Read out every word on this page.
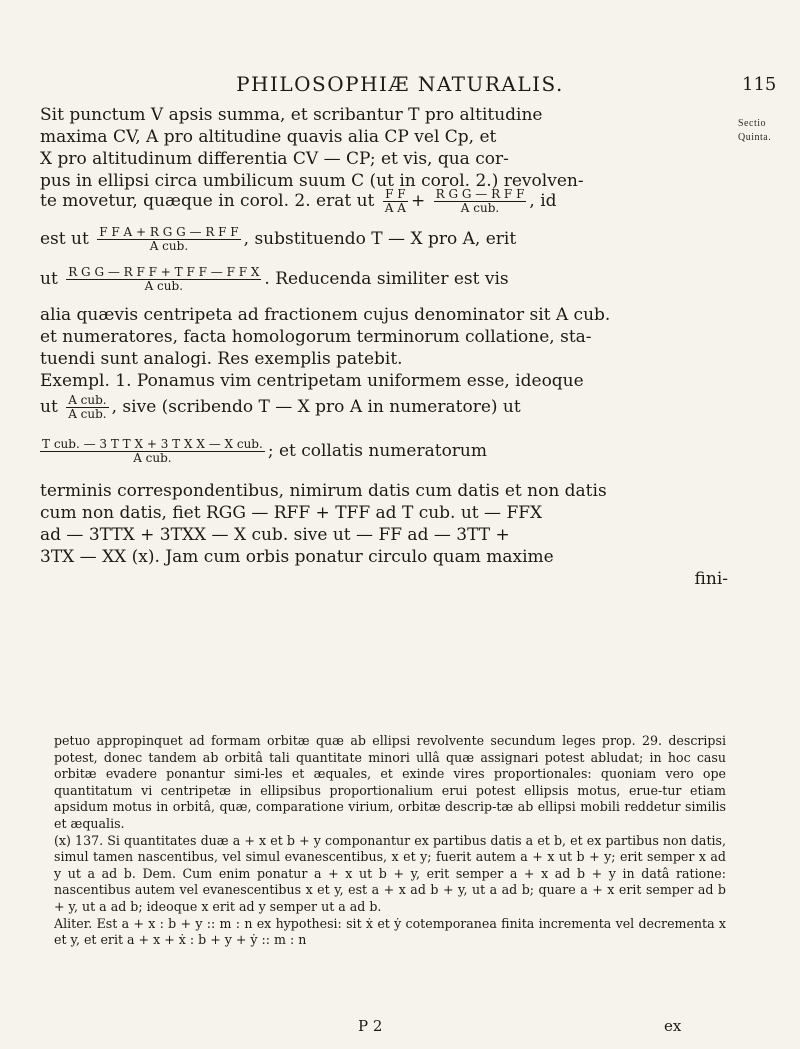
PHILOSOPHIÆ NATURALIS.	115
Sectio
Quinta.
Sit punctum V apsis summa, et scribantur T pro altitudine
maxima CV, A pro altitudine quavis alia CP vel Cp, et
X pro altitudinum differentia CV — CP; et vis, qua cor-
pus in ellipsi circa umbilicum suum C (ut in corol. 2.) revolven-
te movetur, quæque in corol. 2. erat ut $\frac{\text{F F}}{\text{A A}} + \frac{\text{R G G — R F F}}{\text{A cub.}}$ , id
est ut $\frac{\text{F F A + R G G — R F F}}{\text{A cub.}}$ , substituendo T — X pro A, erit
ut $\frac{\text{R G G — R F F + T F F — F F X}}{\text{A cub.}}$ . Reducenda similiter est vis
alia quævis centripeta ad fractionem cujus denominator sit A cub.
et numeratores, facta homologorum terminorum collatione, sta-
tuendi sunt analogi. Res exemplis patebit.
Exempl. 1. Ponamus vim centripetam uniformem esse, ideoque
ut $\frac{\text{A cub.}}{\text{A cub.}}$ , sive (scribendo T — X pro A in numeratore) ut
$\frac{\text{T cub. — 3 T T X + 3 T X X — X cub.}}{\text{A cub.}}$ ; et collatis numeratorum
terminis correspondentibus, nimirum datis cum datis et non datis
cum non datis, fiet RGG — RFF + TFF ad T cub. ut — FFX
ad — 3TTX + 3TXX — X cub. sive ut — FF ad — 3TT +
3TX — XX (x). Jam cum orbis ponatur circulo quam maxime
fini-

petuo appropinquet ad formam orbitæ quæ ab ellipsi revolvente secundum leges prop. 29. descripsi potest, donec tandem ab orbitâ tali quantitate minori ullâ quæ assignari potest abludat; in hoc casu orbitæ evadere ponantur simi-les et æquales, et exinde vires proportionales: quoniam vero ope quantitatum vi centripetæ in ellipsibus proportionalium erui potest ellipsis motus, erue-tur etiam apsidum motus in orbitâ, quæ, comparatione virium, orbitæ descrip-tæ ab ellipsi mobili reddetur similis et æqualis.

(x) 137. Si quantitates duæ a + x et b + y componantur ex partibus datis a et b, et ex partibus non datis, simul tamen nascentibus, vel simul evanescentibus, x et y; fuerit autem a + x ut b + y; erit semper x ad y ut a ad b. Dem. Cum enim ponatur a + x ut b + y, erit semper a + x ad b + y in datâ ratione: nascentibus autem vel evanescentibus x et y, est a + x ad b + y, ut a ad b; quare a + x erit semper ad b + y, ut a ad b; ideoque x erit ad y semper ut a ad b.

Aliter. Est a + x : b + y :: m : n ex hypothesi: sit ẋ et ẏ cotemporanea finita incrementa vel decrementa x et y, et erit a + x + ẋ : b + y + ẏ :: m : n

P 2	ex
